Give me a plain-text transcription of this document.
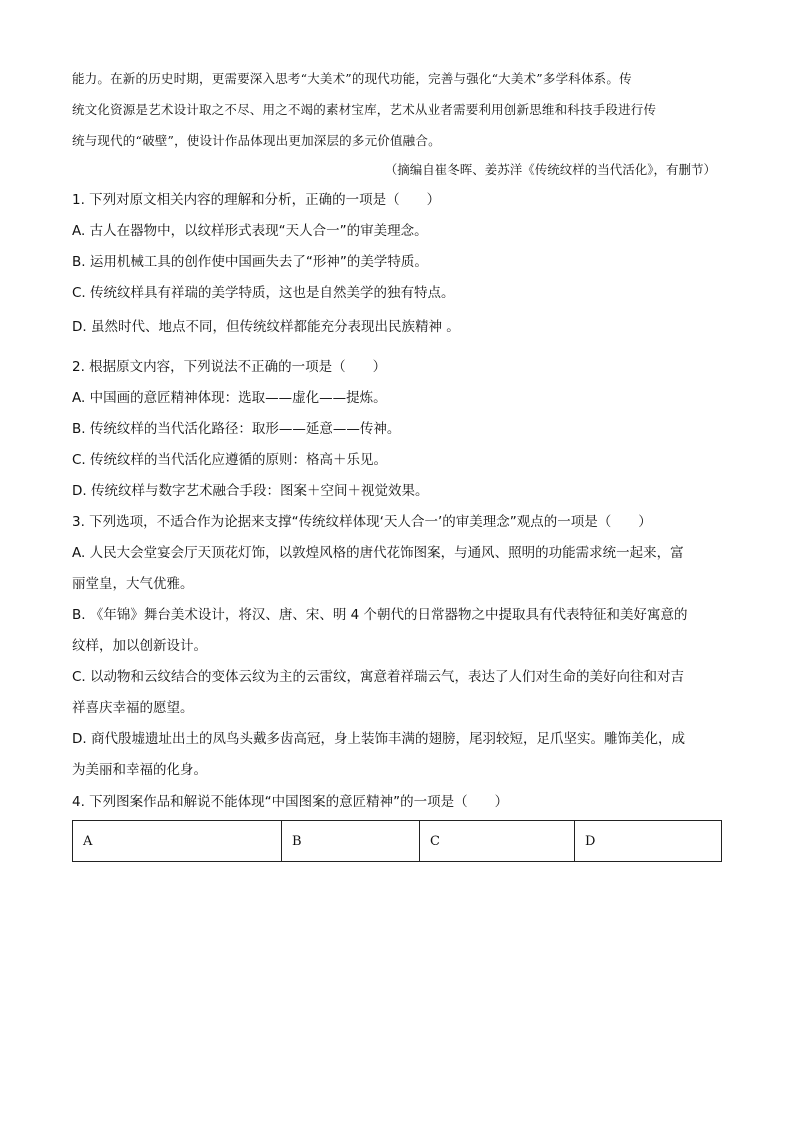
能力。在新的历史时期，更需要深入思考“大美术”的现代功能，完善与强化“大美术”多学科体系。传
统文化资源是艺术设计取之不尽、用之不竭的素材宝库，艺术从业者需要利用创新思维和科技手段进行传
统与现代的“破壁”，使设计作品体现出更加深层的多元价值融合。
（摘编自崔冬晖、姜苏洋《传统纹样的当代活化》，有删节）
1. 下列对原文相关内容的理解和分析，正确的一项是（　　）
A. 古人在器物中，以纹样形式表现“天人合一”的审美理念。
B. 运用机械工具的创作使中国画失去了“形神”的美学特质。
C. 传统纹样具有祥瑞的美学特质，这也是自然美学的独有特点。
D. 虽然时代、地点不同，但传统纹样都能充分表现出民族精神 。
2. 根据原文内容，下列说法不正确的一项是（　　）
A. 中国画的意匠精神体现：选取——虚化——提炼。
B. 传统纹样的当代活化路径：取形——延意——传神。
C. 传统纹样的当代活化应遵循的原则：格高＋乐见。
D. 传统纹样与数字艺术融合手段：图案＋空间＋视觉效果。
3. 下列选项，不适合作为论据来支撑“传统纹样体现‘天人合一’的审美理念”观点的一项是（　　）
A. 人民大会堂宴会厅天顶花灯饰，以敦煌风格的唐代花饰图案，与通风、照明的功能需求统一起来，富
丽堂皇，大气优雅。
B. 《年锦》舞台美术设计，将汉、唐、宋、明 4 个朝代的日常器物之中提取具有代表特征和美好寓意的
纹样，加以创新设计。
C. 以动物和云纹结合的变体云纹为主的云雷纹，寓意着祥瑞云气，表达了人们对生命的美好向往和对吉
祥喜庆幸福的愿望。
D. 商代殷墟遗址出土的凤鸟头戴多齿高冠，身上装饰丰满的翅膀，尾羽较短，足爪坚实。雕饰美化，成
为美丽和幸福的化身。
4. 下列图案作品和解说不能体现“中国图案的意匠精神”的一项是（　　）
A	B	C	D
